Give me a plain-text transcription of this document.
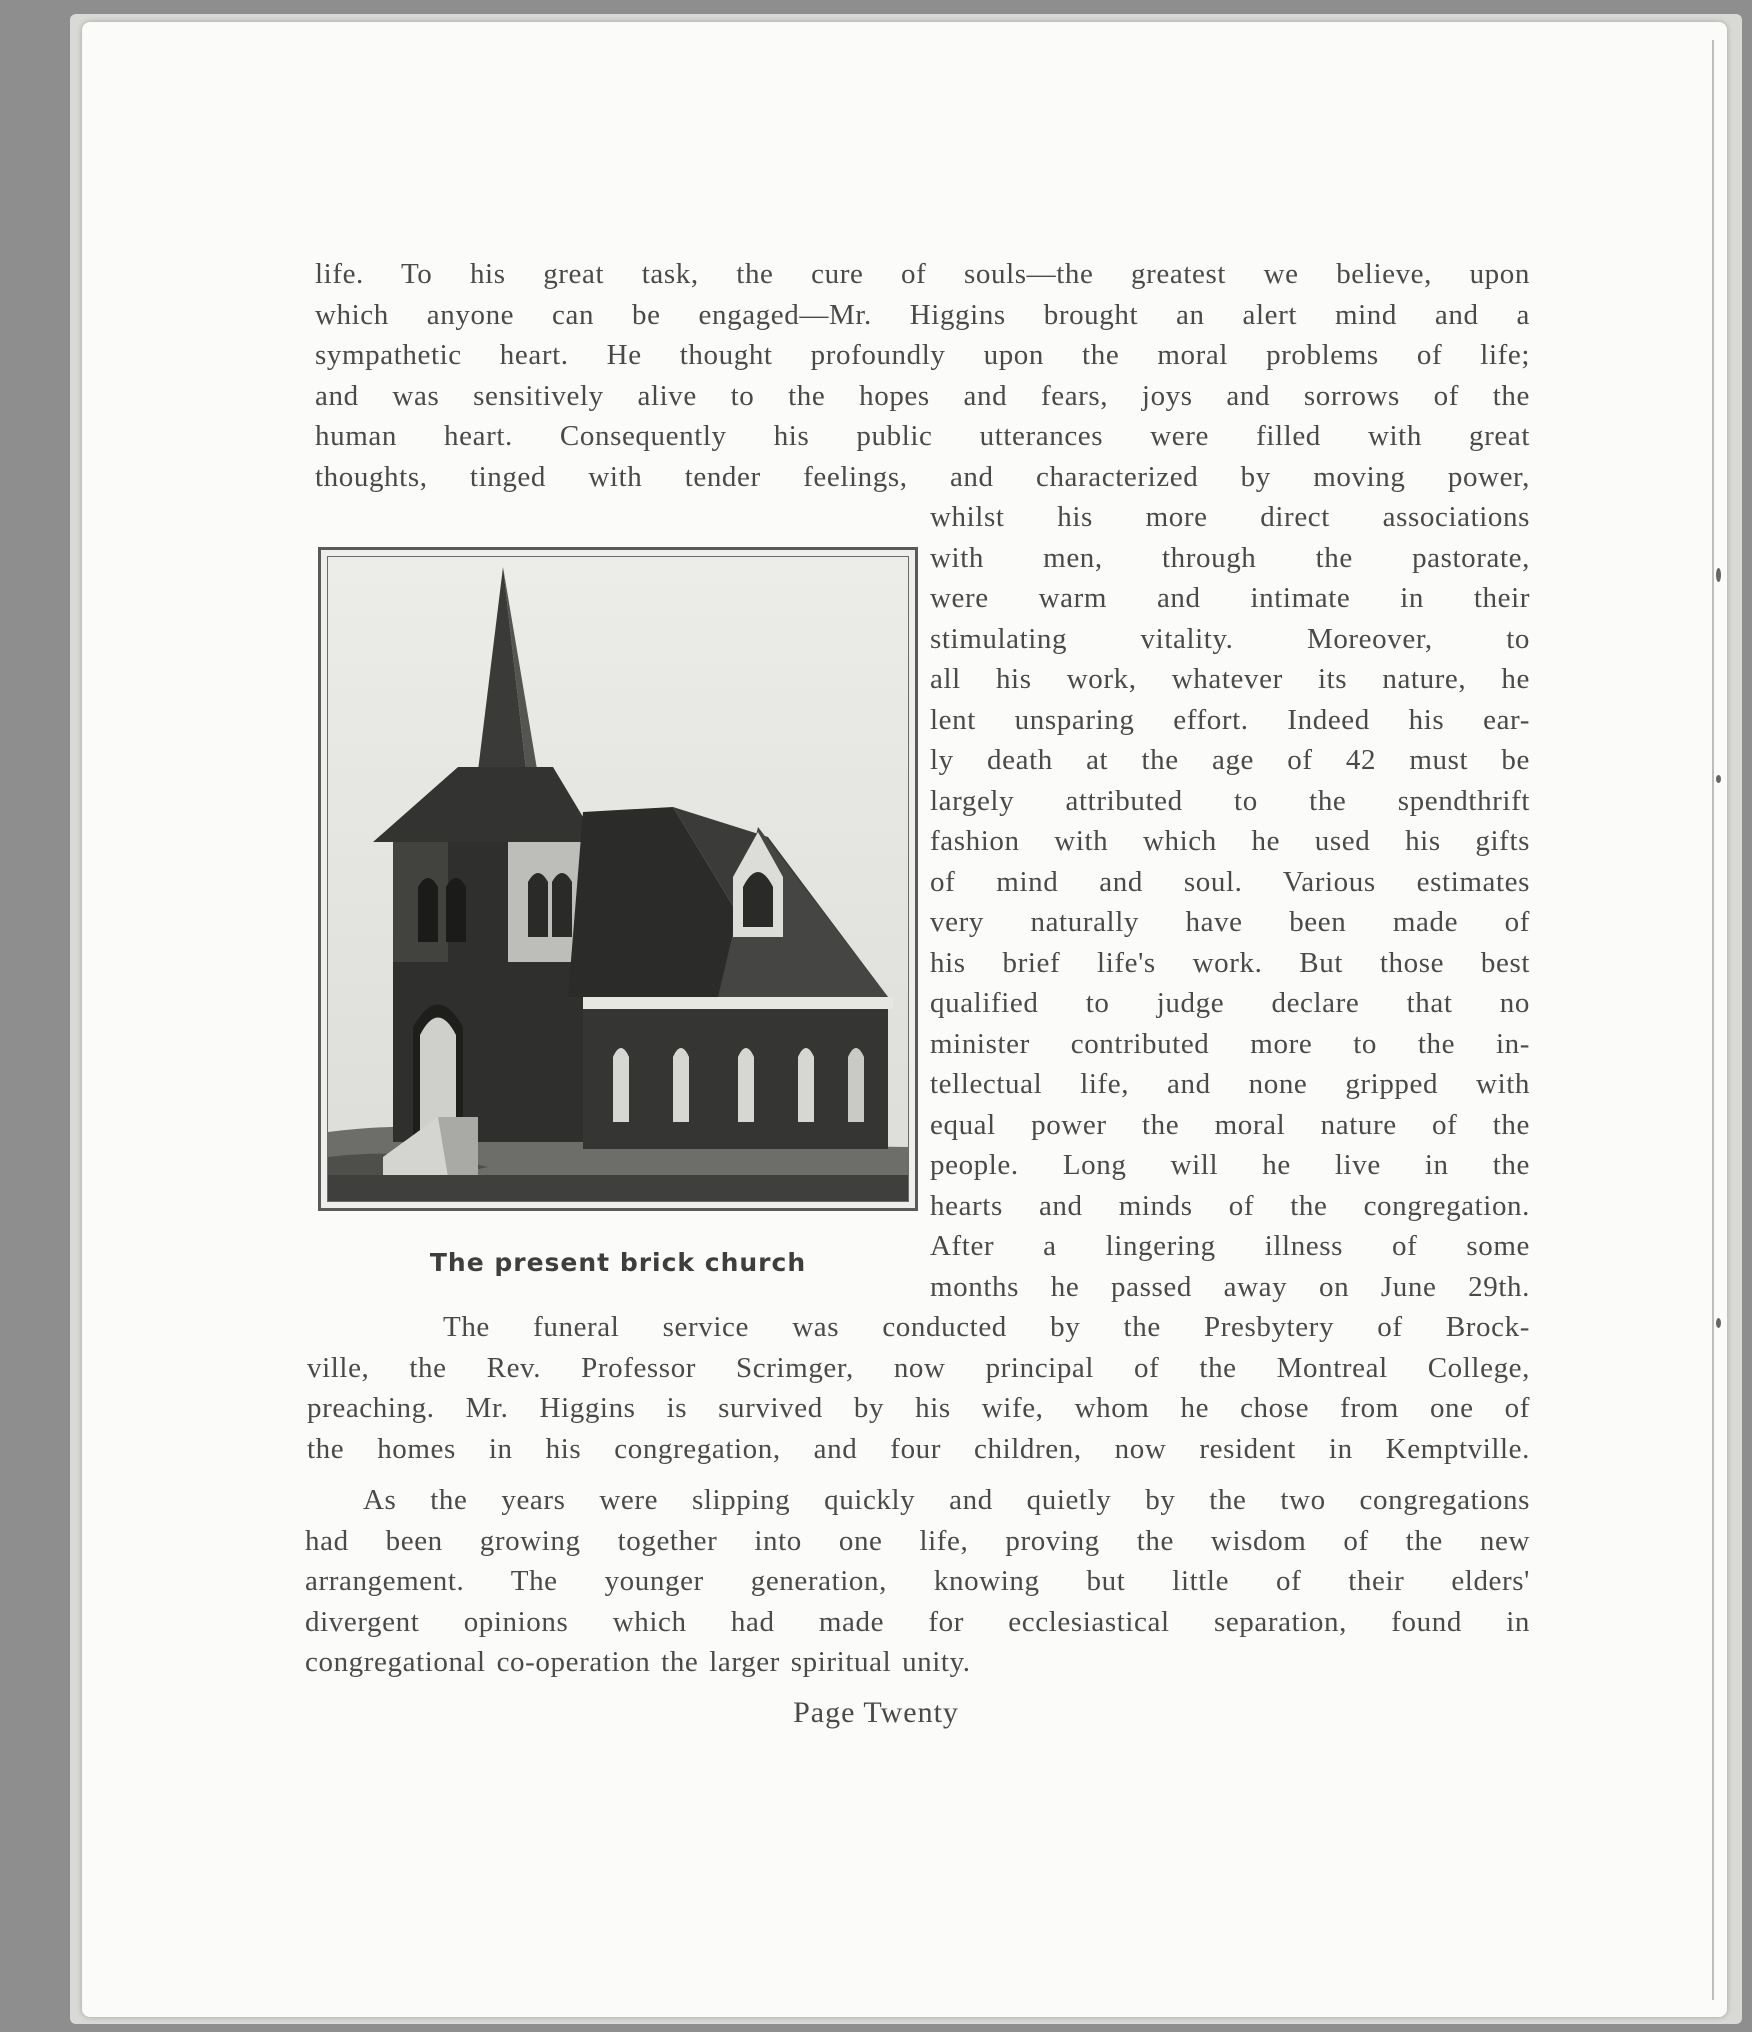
life. To his great task, the cure of souls—the greatest we believe, upon
which anyone can be engaged—Mr. Higgins brought an alert mind and a
sympathetic heart. He thought profoundly upon the moral problems of life;
and was sensitively alive to the hopes and fears, joys and sorrows of the
human heart. Consequently his public utterances were filled with great
thoughts, tinged with tender feelings, and characterized by moving power,
The present brick church
whilst his more direct associations
with men, through the pastorate,
were warm and intimate in their
stimulating vitality. Moreover, to
all his work, whatever its nature, he
lent unsparing effort. Indeed his ear-
ly death at the age of 42 must be
largely attributed to the spendthrift
fashion with which he used his gifts
of mind and soul. Various estimates
very naturally have been made of
his brief life's work. But those best
qualified to judge declare that no
minister contributed more to the in-
tellectual life, and none gripped with
equal power the moral nature of the
people. Long will he live in the
hearts and minds of the congregation.
After a lingering illness of some
months he passed away on June 29th.
The funeral service was conducted by the Presbytery of Brock-
ville, the Rev. Professor Scrimger, now principal of the Montreal College,
preaching. Mr. Higgins is survived by his wife, whom he chose from one of
the homes in his congregation, and four children, now resident in Kemptville.
As the years were slipping quickly and quietly by the two congregations
had been growing together into one life, proving the wisdom of the new
arrangement. The younger generation, knowing but little of their elders'
divergent opinions which had made for ecclesiastical separation, found in
congregational co-operation the larger spiritual unity.
Page Twenty
